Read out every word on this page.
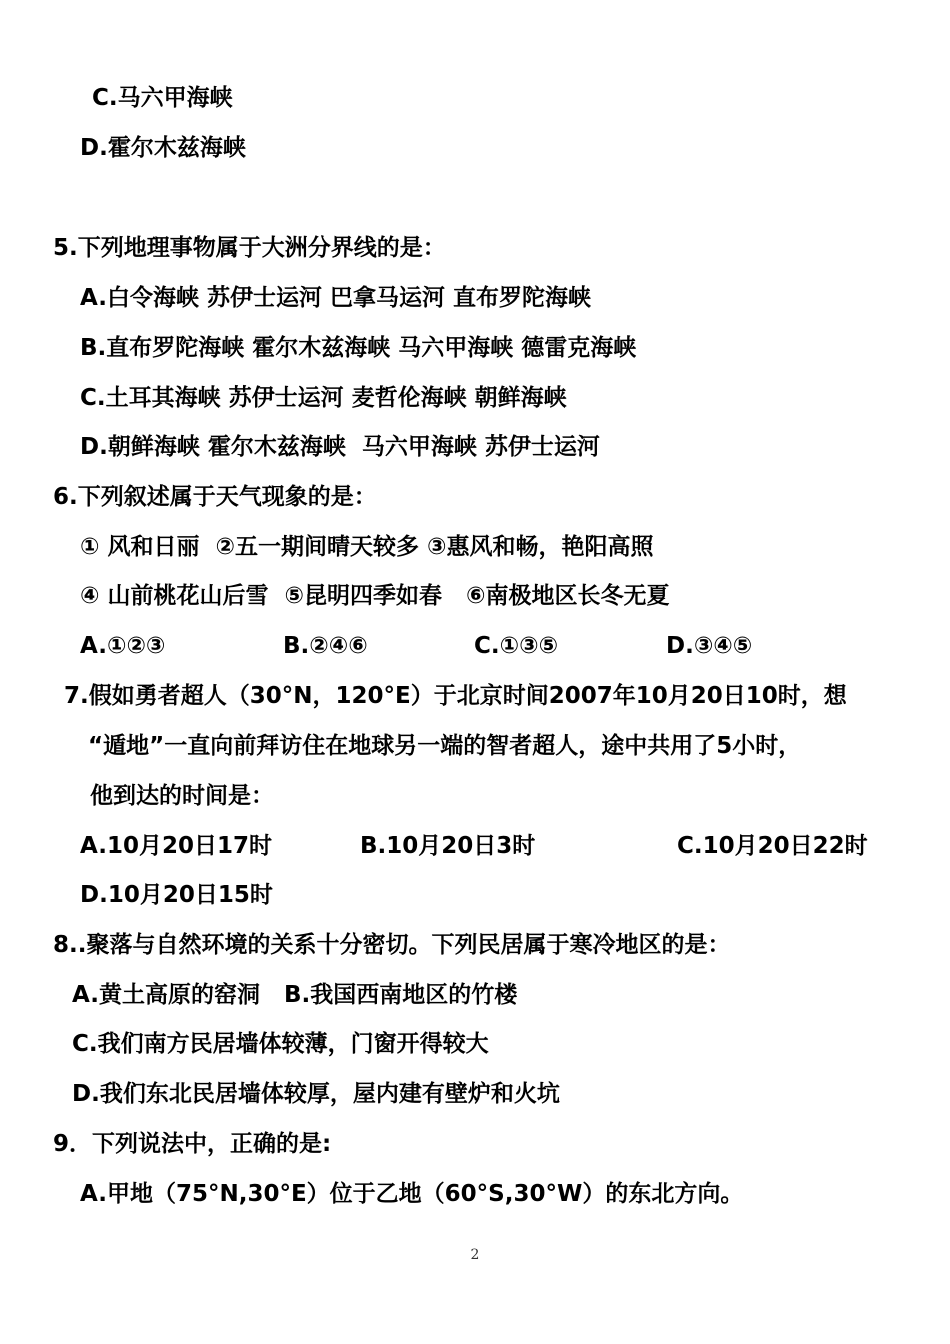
C.马六甲海峡
D.霍尔木兹海峡
5.下列地理事物属于大洲分界线的是：
A.白令海峡 苏伊士运河 巴拿马运河 直布罗陀海峡
B.直布罗陀海峡 霍尔木兹海峡 马六甲海峡 德雷克海峡
C.土耳其海峡 苏伊士运河 麦哲伦海峡 朝鲜海峡
D.朝鲜海峡 霍尔木兹海峡  马六甲海峡 苏伊士运河
6.下列叙述属于天气现象的是：
① 风和日丽  ②五一期间晴天较多 ③惠风和畅，艳阳高照
④ 山前桃花山后雪  ⑤昆明四季如春   ⑥南极地区长冬无夏
A.①②③	B.②④⑥	C.①③⑤	D.③④⑤
7.假如勇者超人（30°N，120°E）于北京时间2007年10月20日10时，想
“遁地”一直向前拜访住在地球另一端的智者超人，途中共用了5小时，
他到达的时间是：
A.10月20日17时	B.10月20日3时	C.10月20日22时
D.10月20日15时
8..聚落与自然环境的关系十分密切。下列民居属于寒冷地区的是：
A.黄土高原的窑洞   B.我国西南地区的竹楼
C.我们南方民居墙体较薄，门窗开得较大
D.我们东北民居墙体较厚，屋内建有壁炉和火坑
9．下列说法中，正确的是:
A.甲地（75°N,30°E）位于乙地（60°S,30°W）的东北方向。
2
